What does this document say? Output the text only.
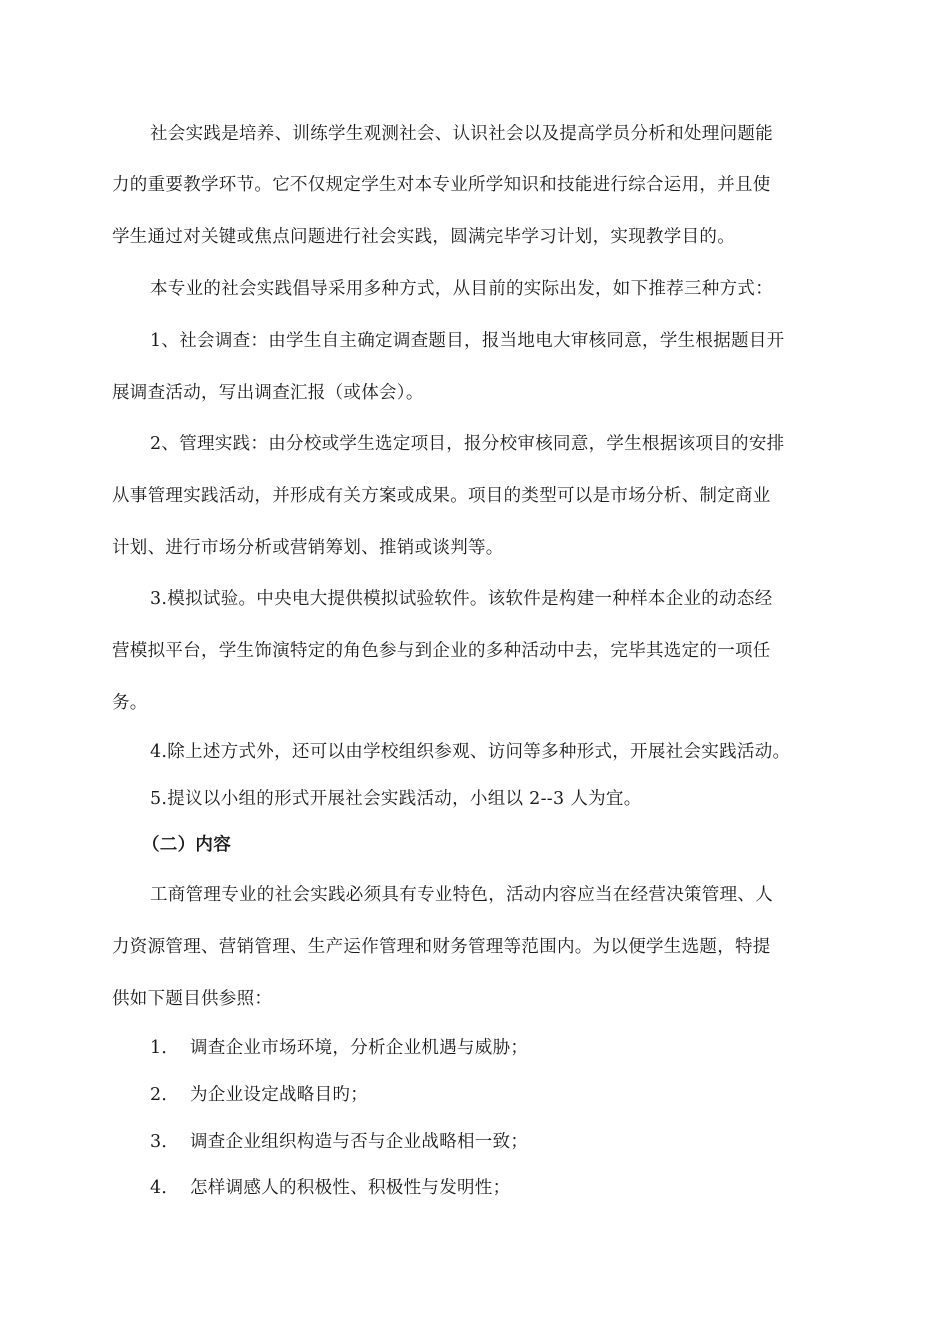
社会实践是培养、训练学生观测社会、认识社会以及提高学员分析和处理问题能
力的重要教学环节。它不仅规定学生对本专业所学知识和技能进行综合运用，并且使
学生通过对关键或焦点问题进行社会实践，圆满完毕学习计划，实现教学目的。
本专业的社会实践倡导采用多种方式，从目前的实际出发，如下推荐三种方式：
1、社会调查：由学生自主确定调查题目，报当地电大审核同意，学生根据题目开
展调查活动，写出调查汇报（或体会）。
2、管理实践：由分校或学生选定项目，报分校审核同意，学生根据该项目的安排
从事管理实践活动，并形成有关方案或成果。项目的类型可以是市场分析、制定商业
计划、进行市场分析或营销筹划、推销或谈判等。
3.模拟试验。中央电大提供模拟试验软件。该软件是构建一种样本企业的动态经
营模拟平台，学生饰演特定的角色参与到企业的多种活动中去，完毕其选定的一项任
务。
4.除上述方式外，还可以由学校组织参观、访问等多种形式，开展社会实践活动。
5.提议以小组的形式开展社会实践活动，小组以 2--3 人为宜。
（二）内容
工商管理专业的社会实践必须具有专业特色，活动内容应当在经营决策管理、人
力资源管理、营销管理、生产运作管理和财务管理等范围内。为以便学生选题，特提
供如下题目供参照：
1． 调查企业市场环境，分析企业机遇与威胁；
2． 为企业设定战略目旳；
3． 调查企业组织构造与否与企业战略相一致；
4． 怎样调感人的积极性、积极性与发明性；
